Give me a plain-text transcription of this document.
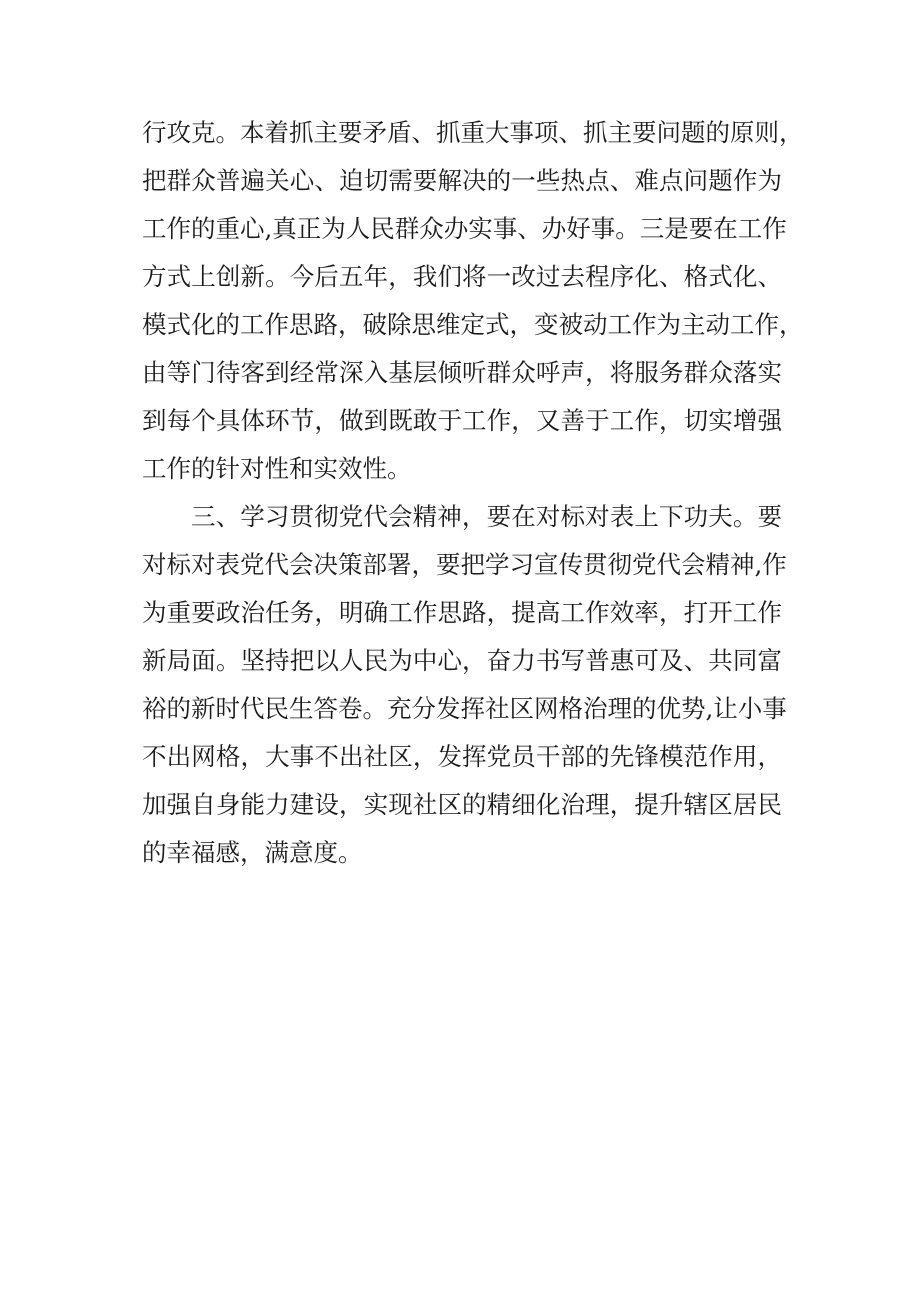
行攻克。本着抓主要矛盾、抓重大事项、抓主要问题的原则，
把群众普遍关心、迫切需要解决的一些热点、难点问题作为
工作的重心,真正为人民群众办实事、办好事。三是要在工作
方式上创新。今后五年，我们将一改过去程序化、格式化、
模式化的工作思路，破除思维定式，变被动工作为主动工作，
由等门待客到经常深入基层倾听群众呼声，将服务群众落实
到每个具体环节，做到既敢于工作，又善于工作，切实增强
工作的针对性和实效性。
三、学习贯彻党代会精神，要在对标对表上下功夫。要
对标对表党代会决策部署，要把学习宣传贯彻党代会精神,作
为重要政治任务，明确工作思路，提高工作效率，打开工作
新局面。坚持把以人民为中心，奋力书写普惠可及、共同富
裕的新时代民生答卷。充分发挥社区网格治理的优势,让小事
不出网格，大事不出社区，发挥党员干部的先锋模范作用，
加强自身能力建设，实现社区的精细化治理，提升辖区居民
的幸福感，满意度。
